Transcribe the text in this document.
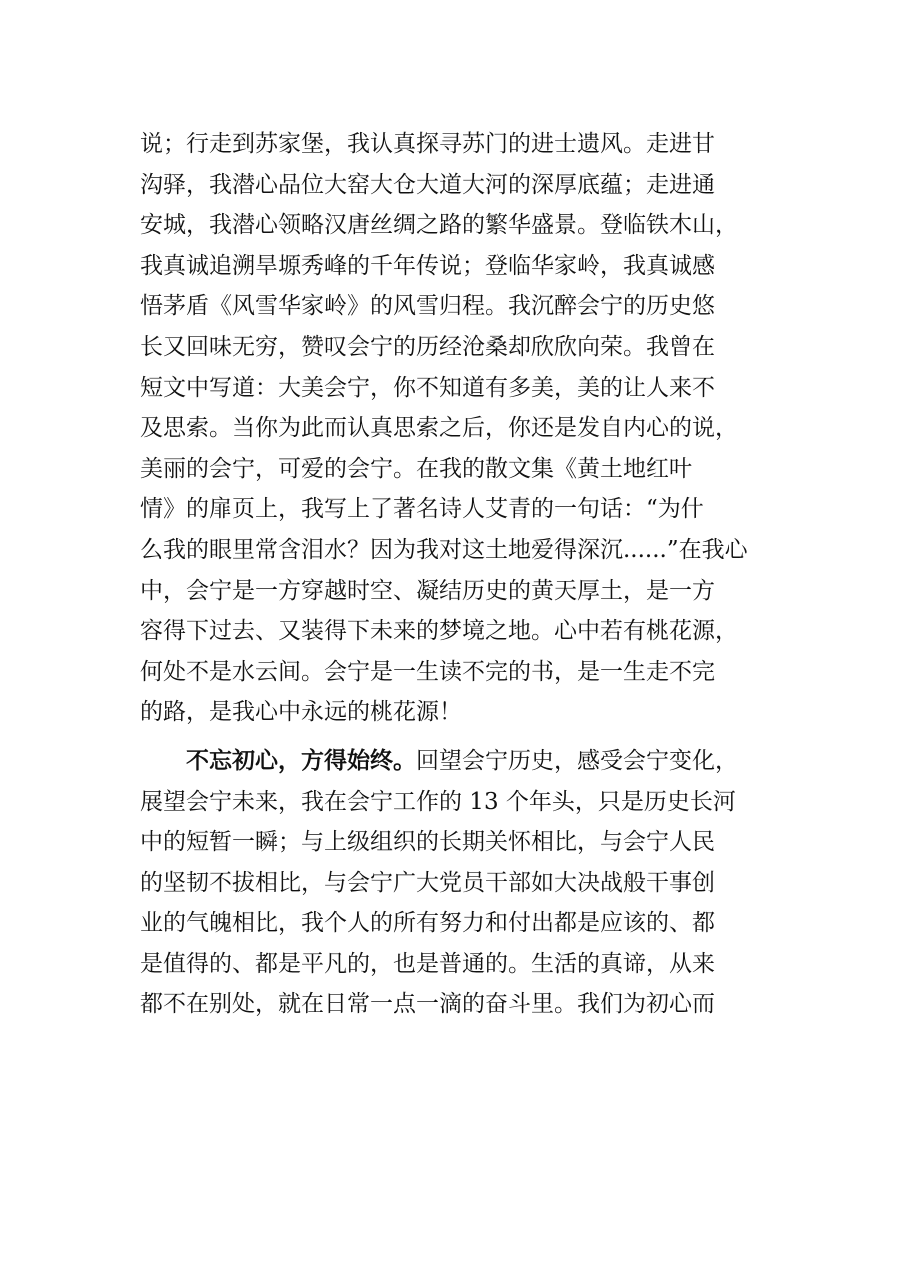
说；行走到苏家堡，我认真探寻苏门的进士遗风。走进甘
沟驿，我潜心品位大窑大仓大道大河的深厚底蕴；走进通
安城，我潜心领略汉唐丝绸之路的繁华盛景。登临铁木山，
我真诚追溯旱塬秀峰的千年传说；登临华家岭，我真诚感
悟茅盾《风雪华家岭》的风雪归程。我沉醉会宁的历史悠
长又回味无穷，赞叹会宁的历经沧桑却欣欣向荣。我曾在
短文中写道：大美会宁，你不知道有多美，美的让人来不
及思索。当你为此而认真思索之后，你还是发自内心的说，
美丽的会宁，可爱的会宁。在我的散文集《黄土地红叶
情》的扉页上，我写上了著名诗人艾青的一句话：“为什
么我的眼里常含泪水？因为我对这土地爱得深沉......”在我心
中，会宁是一方穿越时空、凝结历史的黄天厚土，是一方
容得下过去、又装得下未来的梦境之地。心中若有桃花源，
何处不是水云间。会宁是一生读不完的书，是一生走不完
的路，是我心中永远的桃花源！
不忘初心，方得始终。回望会宁历史，感受会宁变化，
展望会宁未来，我在会宁工作的 13 个年头，只是历史长河
中的短暂一瞬；与上级组织的长期关怀相比，与会宁人民
的坚韧不拔相比，与会宁广大党员干部如大决战般干事创
业的气魄相比，我个人的所有努力和付出都是应该的、都
是值得的、都是平凡的，也是普通的。生活的真谛，从来
都不在别处，就在日常一点一滴的奋斗里。我们为初心而
